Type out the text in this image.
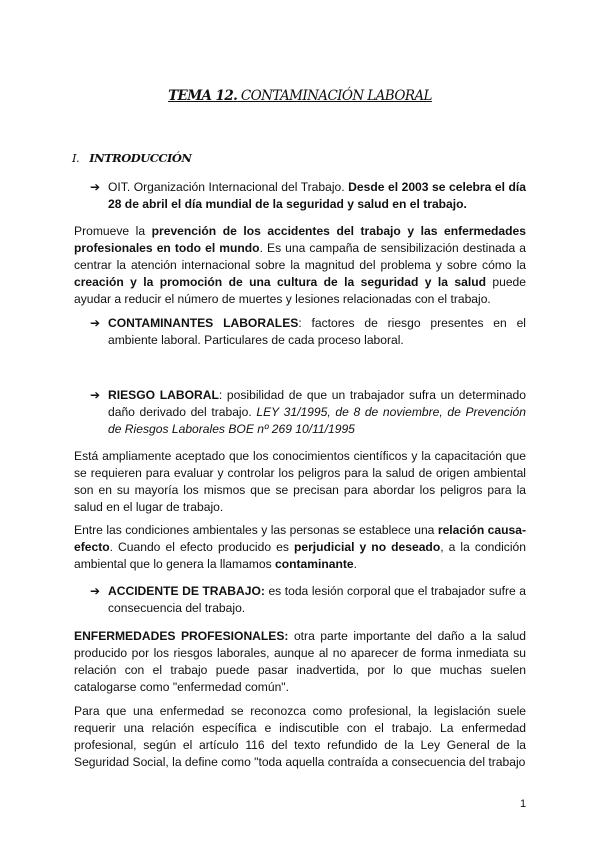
TEMA 12. CONTAMINACIÓN LABORAL
I. INTRODUCCIÓN
➔ OIT. Organización Internacional del Trabajo. Desde el 2003 se celebra el día 28 de abril el día mundial de la seguridad y salud en el trabajo.
Promueve la prevención de los accidentes del trabajo y las enfermedades profesionales en todo el mundo. Es una campaña de sensibilización destinada a centrar la atención internacional sobre la magnitud del problema y sobre cómo la creación y la promoción de una cultura de la seguridad y la salud puede ayudar a reducir el número de muertes y lesiones relacionadas con el trabajo.
➔ CONTAMINANTES LABORALES: factores de riesgo presentes en el ambiente laboral. Particulares de cada proceso laboral.
➔ RIESGO LABORAL: posibilidad de que un trabajador sufra un determinado daño derivado del trabajo. LEY 31/1995, de 8 de noviembre, de Prevención de Riesgos Laborales BOE nº 269 10/11/1995
Está ampliamente aceptado que los conocimientos científicos y la capacitación que se requieren para evaluar y controlar los peligros para la salud de origen ambiental son en su mayoría los mismos que se precisan para abordar los peligros para la salud en el lugar de trabajo.
Entre las condiciones ambientales y las personas se establece una relación causa-efecto. Cuando el efecto producido es perjudicial y no deseado, a la condición ambiental que lo genera la llamamos contaminante.
➔ ACCIDENTE DE TRABAJO: es toda lesión corporal que el trabajador sufre a consecuencia del trabajo.
ENFERMEDADES PROFESIONALES: otra parte importante del daño a la salud producido por los riesgos laborales, aunque al no aparecer de forma inmediata su relación con el trabajo puede pasar inadvertida, por lo que muchas suelen catalogarse como "enfermedad común".
Para que una enfermedad se reconozca como profesional, la legislación suele requerir una relación específica e indiscutible con el trabajo. La enfermedad profesional, según el artículo 116 del texto refundido de la Ley General de la Seguridad Social, la define como "toda aquella contraída a consecuencia del trabajo
1
